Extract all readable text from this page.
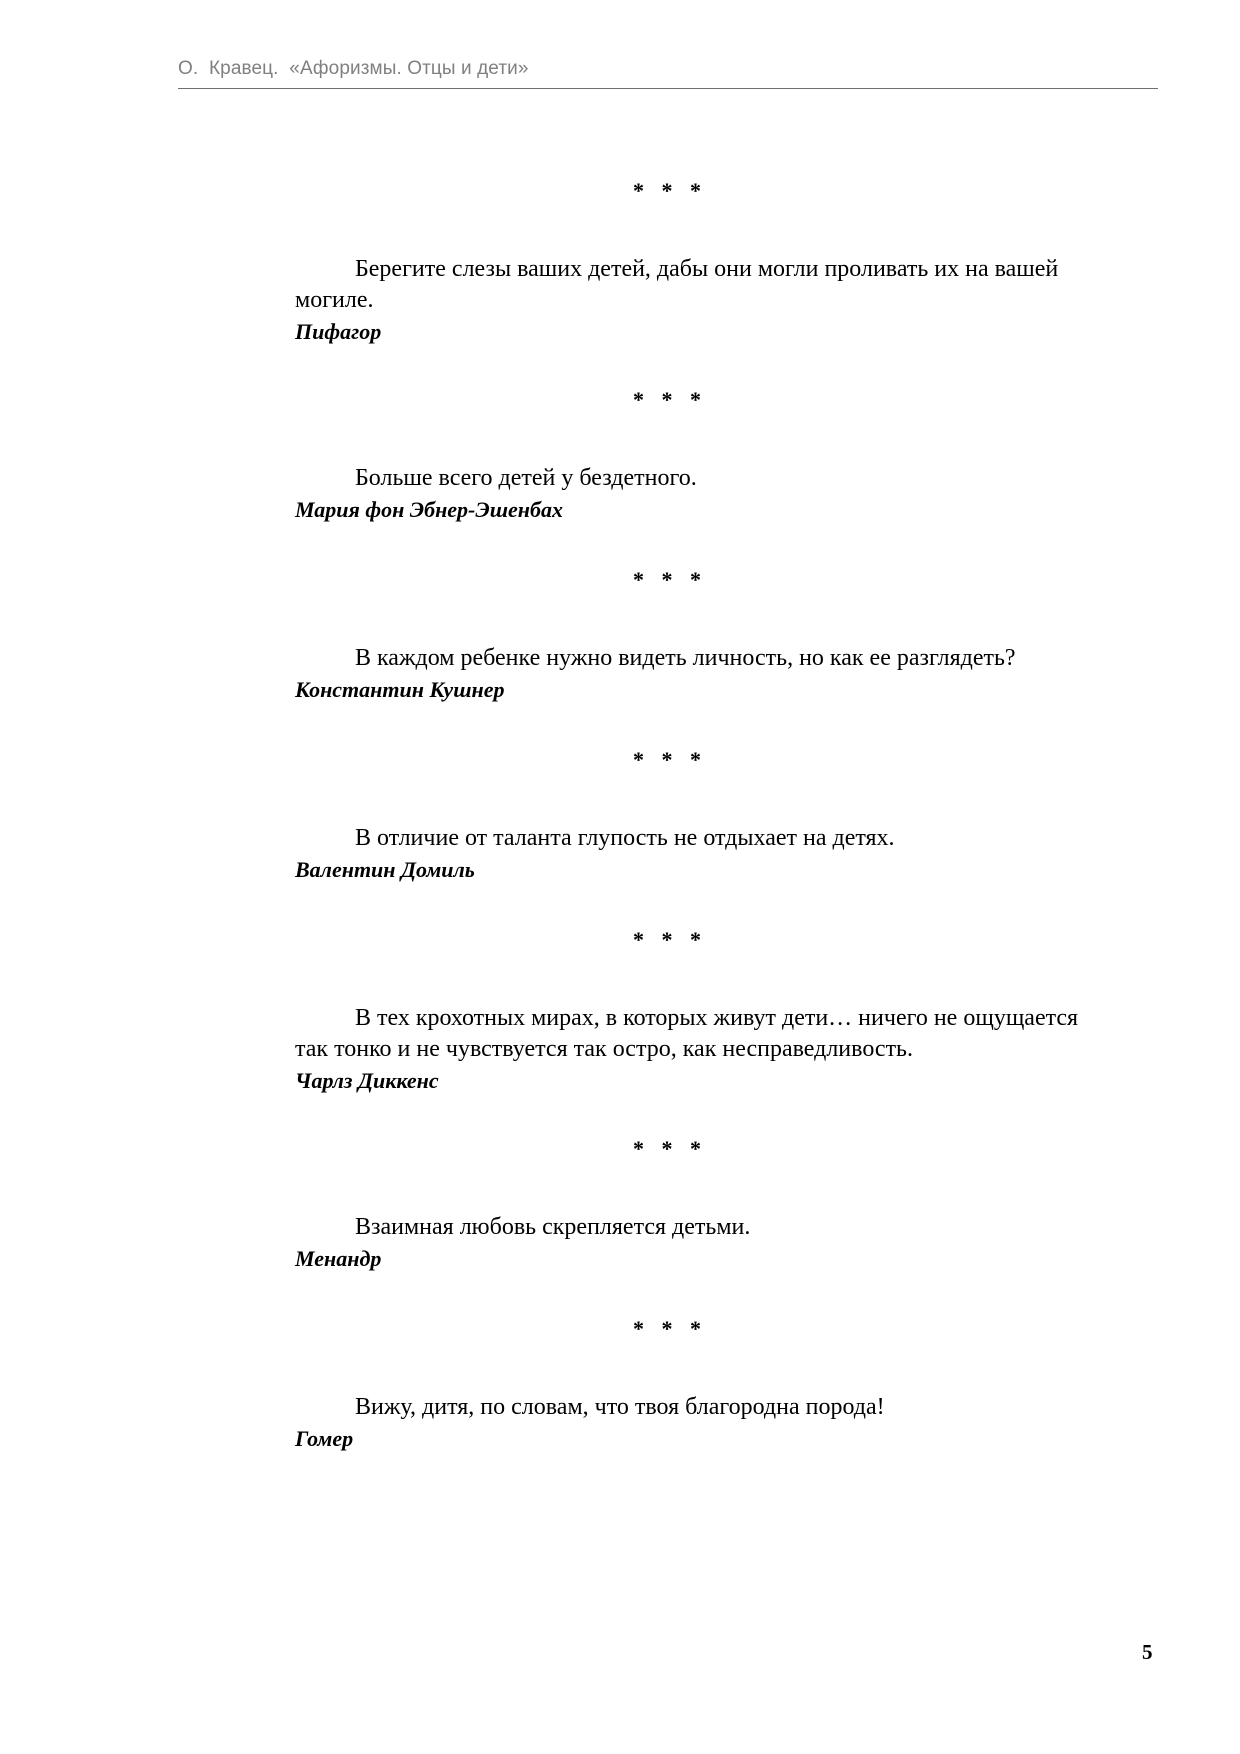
О.  Кравец.  «Афоризмы. Отцы и дети»
* * *

Берегите слезы ваших детей, дабы они могли проливать их на вашей могиле.

Пифагор

* * *

Больше всего детей у бездетного.

Мария фон Эбнер-Эшенбах

* * *

В каждом ребенке нужно видеть личность, но как ее разглядеть?

Константин Кушнер

* * *

В отличие от таланта глупость не отдыхает на детях.

Валентин Домиль

* * *

В тех крохотных мирах, в которых живут дети… ничего не ощущается так тонко и не чувствуется так остро, как несправедливость.

Чарлз Диккенс

* * *

Взаимная любовь скрепляется детьми.

Менандр

* * *

Вижу, дитя, по словам, что твоя благородна порода!

Гомер

5
